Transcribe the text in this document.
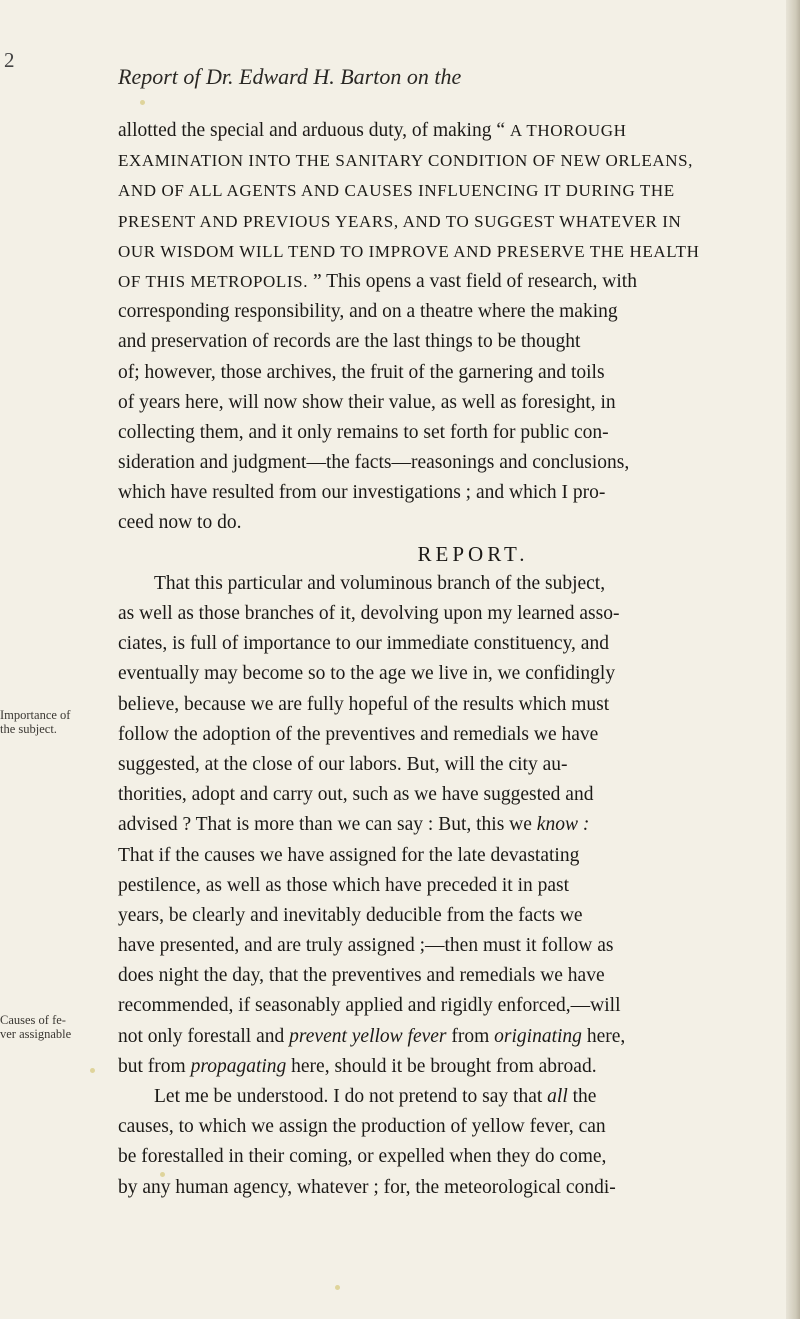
2
Report of Dr. Edward H. Barton on the
Importance of
the subject.
Causes of fe-
ver assignable
allotted the special and arduous duty, of making “ A THOROUGH
EXAMINATION INTO THE SANITARY CONDITION OF NEW ORLEANS,
AND OF ALL AGENTS AND CAUSES INFLUENCING IT DURING THE
PRESENT AND PREVIOUS YEARS, AND TO SUGGEST WHATEVER IN
OUR WISDOM WILL TEND TO IMPROVE AND PRESERVE THE HEALTH
OF THIS METROPOLIS. ” This opens a vast field of research, with
corresponding responsibility, and on a theatre where the making
and preservation of records are the last things to be thought
of; however, those archives, the fruit of the garnering and toils
of years here, will now show their value, as well as foresight, in
collecting them, and it only remains to set forth for public con-
sideration and judgment—the facts—reasonings and conclusions,
which have resulted from our investigations ; and which I pro-
ceed now to do.
REPORT.
That this particular and voluminous branch of the subject,
as well as those branches of it, devolving upon my learned asso-
ciates, is full of importance to our immediate constituency, and
eventually may become so to the age we live in, we confidingly
believe, because we are fully hopeful of the results which must
follow the adoption of the preventives and remedials we have
suggested, at the close of our labors. But, will the city au-
thorities, adopt and carry out, such as we have suggested and
advised ? That is more than we can say : But, this we know :
That if the causes we have assigned for the late devastating
pestilence, as well as those which have preceded it in past
years, be clearly and inevitably deducible from the facts we
have presented, and are truly assigned ;—then must it follow as
does night the day, that the preventives and remedials we have
recommended, if seasonably applied and rigidly enforced,—will
not only forestall and prevent yellow fever from originating here,
but from propagating here, should it be brought from abroad.
Let me be understood. I do not pretend to say that all the
causes, to which we assign the production of yellow fever, can
be forestalled in their coming, or expelled when they do come,
by any human agency, whatever ; for, the meteorological condi-
